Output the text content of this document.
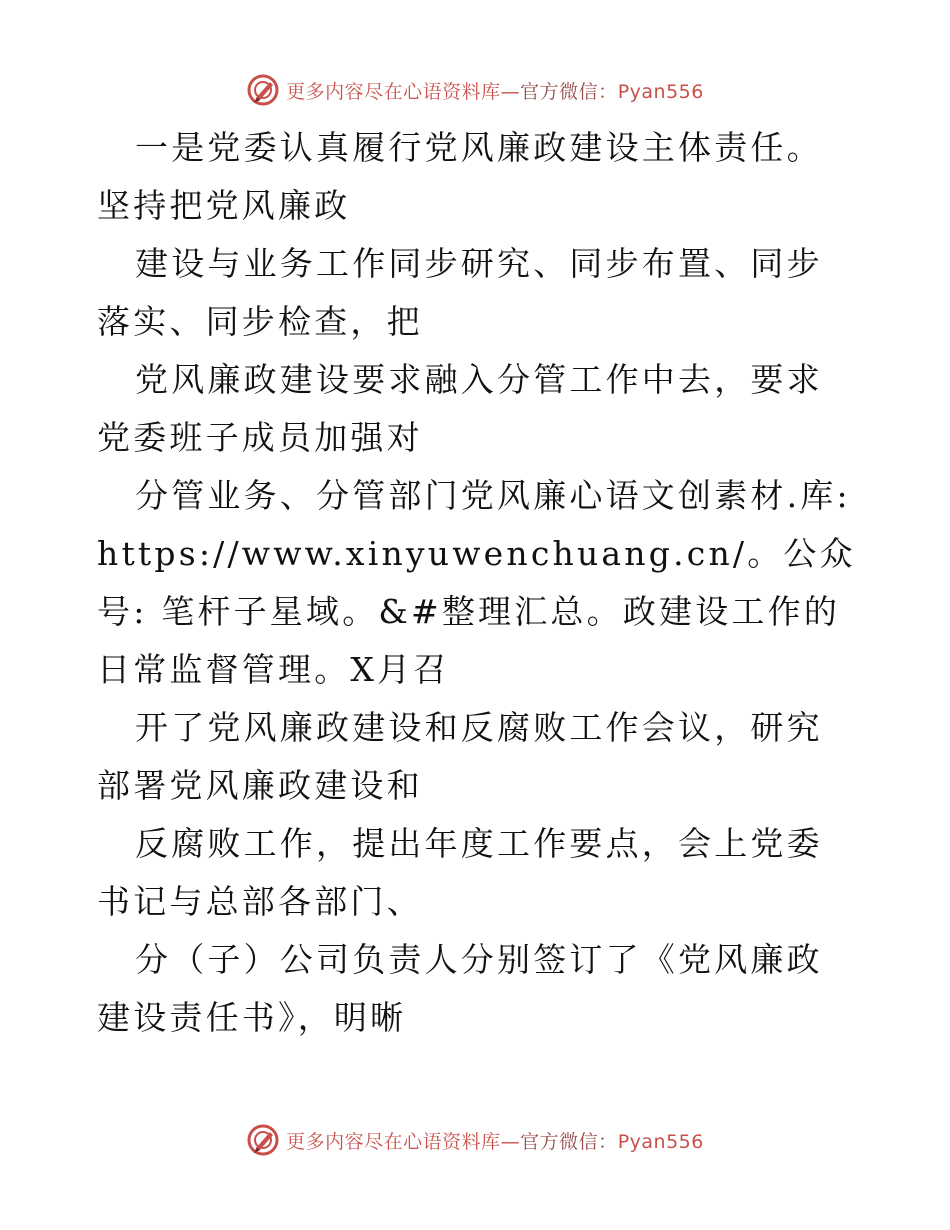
更多内容尽在心语资料库—官方微信：Pyan556

一是党委认真履行党风廉政建设主体责任。坚持把党风廉政

建设与业务工作同步研究、同步布置、同步落实、同步检查，把

党风廉政建设要求融入分管工作中去，要求党委班子成员加强对

分管业务、分管部门党风廉心语文创素材.库:https://www.xinyuwenchuang.cn/。公众号: 笔杆子星域。&#整理汇总。政建设工作的日常监督管理。X月召

开了党风廉政建设和反腐败工作会议，研究部署党风廉政建设和

反腐败工作，提出年度工作要点，会上党委书记与总部各部门、

分（子）公司负责人分别签订了《党风廉政建设责任书》，明晰

更多内容尽在心语资料库—官方微信：Pyan556
